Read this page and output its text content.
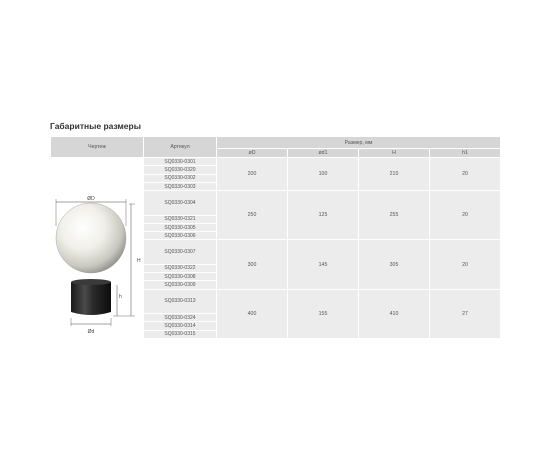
Габаритные размеры
Чертеж	Артикул	Размер, мм			
		øD	ød1	H	h1

ØD
H
h
Ød	SQ0330-0301	200	100	210	20
	SQ0330-0320				
	SQ0330-0302				
	SQ0330-0303				
	SQ0330-0304	250	125	255	20
	SQ0330-0321				
	SQ0330-0305				
	SQ0330-0306				
	SQ0330-0307	300	145	305	20
	SQ0330-0322				
	SQ0330-0308				
	SQ0330-0309				
	SQ0330-0313	400	155	410	27
	SQ0330-0324				
	SQ0330-0314				
	SQ0330-0315				
